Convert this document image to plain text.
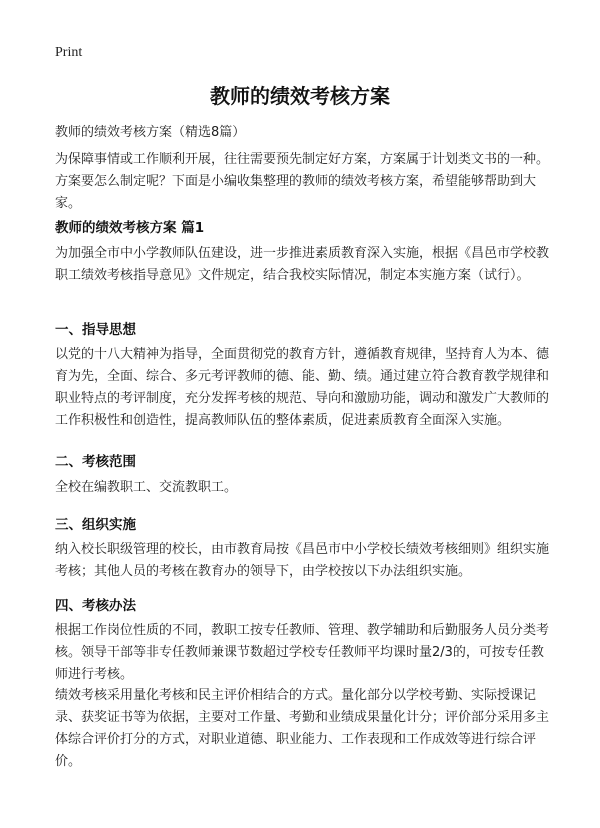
Print
教师的绩效考核方案
教师的绩效考核方案（精选8篇）

为保障事情或工作顺利开展，往往需要预先制定好方案，方案属于计划类文书的一种。方案要怎么制定呢？下面是小编收集整理的教师的绩效考核方案，希望能够帮助到大家。

教师的绩效考核方案 篇1

为加强全市中小学教师队伍建设，进一步推进素质教育深入实施，根据《昌邑市学校教职工绩效考核指导意见》文件规定，结合我校实际情况，制定本实施方案（试行）。

一、指导思想

以党的十八大精神为指导，全面贯彻党的教育方针，遵循教育规律，坚持育人为本、德育为先，全面、综合、多元考评教师的德、能、勤、绩。通过建立符合教育教学规律和职业特点的考评制度，充分发挥考核的规范、导向和激励功能，调动和激发广大教师的工作积极性和创造性，提高教师队伍的整体素质，促进素质教育全面深入实施。

二、考核范围

全校在编教职工、交流教职工。

三、组织实施

纳入校长职级管理的校长，由市教育局按《昌邑市中小学校长绩效考核细则》组织实施考核；其他人员的考核在教育办的领导下，由学校按以下办法组织实施。

四、考核办法

根据工作岗位性质的不同，教职工按专任教师、管理、教学辅助和后勤服务人员分类考核。领导干部等非专任教师兼课节数超过学校专任教师平均课时量2/3的，可按专任教师进行考核。

绩效考核采用量化考核和民主评价相结合的方式。量化部分以学校考勤、实际授课记录、获奖证书等为依据，主要对工作量、考勤和业绩成果量化计分；评价部分采用多主体综合评价打分的方式，对职业道德、职业能力、工作表现和工作成效等进行综合评价。
